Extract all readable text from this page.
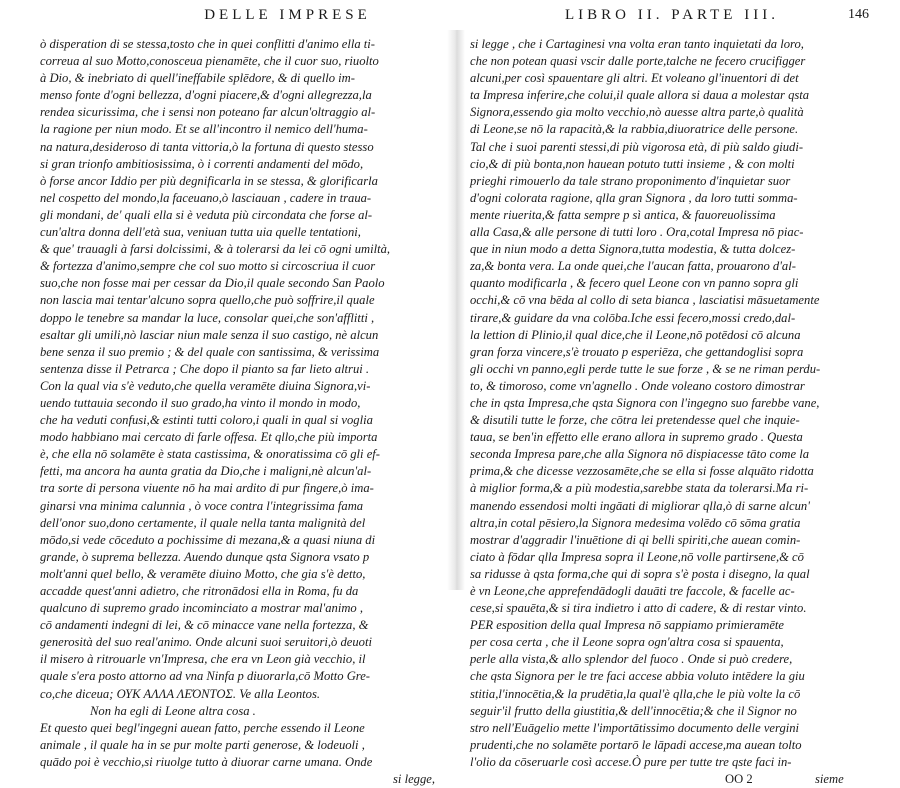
DELLE IMPRESE
ò disperation di se stessa,tosto che in quei conflitti d'animo ella ti-
correua al suo Motto,conosceua pienamēte, che il cuor suo, riuolto
à Dio, & inebriato di quell'ineffabile splēdore, & di quello im-
menso fonte d'ogni bellezza, d'ogni piacere,& d'ogni allegrezza,la
rendea sicurissima, che i sensi non poteano far alcun'oltraggio al-
la ragione per niun modo. Et se all'incontro il nemico dell'huma-
na natura,desideroso di tanta vittoria,ò la fortuna di questo stesso
si gran trionfo ambitiosissima, ò i correnti andamenti del mōdo,
ò forse ancor Iddio per più degnificarla in se stessa, & glorificarla
nel cospetto del mondo,la faceuano,ò lasciauan , cadere in traua-
gli mondani, de' quali ella si è veduta più circondata che forse al-
cun'altra donna dell'età sua, veniuan tutta uia quelle tentationi,
& que' trauagli à farsi dolcissimi, & à tolerarsi da lei cō ogni umiltà,
& fortezza d'animo,sempre che col suo motto si circoscriua il cuor
suo,che non fosse mai per cessar da Dio,il quale secondo San Paolo
non lascia mai tentar'alcuno sopra quello,che può soffrire,il quale
doppo le tenebre sa mandar la luce, consolar quei,che son'afflitti ,
esaltar gli umili,nò lasciar niun male senza il suo castigo, nè alcun
bene senza il suo premio ; & del quale con santissima, & verissima
sentenza disse il Petrarca ; Che dopo il pianto sa far lieto altrui .
Con la qual via s'è veduto,che quella veramēte diuina Signora,vi-
uendo tuttauia secondo il suo grado,ha vinto il mondo in modo,
che ha veduti confusi,& estinti tutti coloro,i quali in qual si voglia
modo habbiano mai cercato di farle offesa. Et qllo,che più importa
è, che ella nō solamēte è stata castissima, & onoratissima cō gli ef-
fetti, ma ancora ha aunta gratia da Dio,che i maligni,nè alcun'al-
tra sorte di persona viuente nō ha mai ardito di pur fingere,ò ima-
ginarsi vna minima calunnia , ò voce contra l'integrissima fama
dell'onor suo,dono certamente, il quale nella tanta malignità del
mōdo,si vede cōceduto a pochissime di mezana,& a quasi niuna di
grande, ò suprema bellezza. Auendo dunque qsta Signora vsato p
molt'anni quel bello, & veramēte diuino Motto, che gia s'è detto,
accadde quest'anni adietro, che ritronādosi ella in Roma, fu da
qualcuno di supremo grado incominciato a mostrar mal'animo ,
cō andamenti indegni di lei, & cō minacce vane nella fortezza, &
generosità del suo real'animo. Onde alcuni suoi seruitori,ò deuoti
il misero à ritrouarle vn'Impresa, che era vn Leon già vecchio, il
quale s'era posto attorno ad vna Ninfa p diuorarla,cō Motto Gre-
co,che diceua; ΟΥΚ ΑΛΛΑ ΛΕΌΝΤΟΣ. Ve alla Leontos.
Non ha egli di Leone altra cosa .
Et questo quei begl'ingegni auean fatto, perche essendo il Leone
animale , il quale ha in se pur molte parti generose, & lodeuoli ,
quādo poi è vecchio,si riuolge tutto à diuorar carne umana. Onde
si legge,
LIBRO II. PARTE III.	146
si legge , che i Cartaginesi vna volta eran tanto inquietati da loro,
che non potean quasi vscir dalle porte,talche ne fecero crucifigger
alcuni,per così spauentare gli altri. Et voleano gl'inuentori di det
ta Impresa inferire,che colui,il quale allora si daua a molestar qsta
Signora,essendo gia molto vecchio,nò auesse altra parte,ò qualità
di Leone,se nō la rapacità,& la rabbia,diuoratrice delle persone.
Tal che i suoi parenti stessi,di più vigorosa età, di più saldo giudi-
cio,& di più bonta,non hauean potuto tutti insieme , & con molti
prieghi rimouerlo da tale strano proponimento d'inquietar suor
d'ogni colorata ragione, qlla gran Signora , da loro tutti somma-
mente riuerita,& fatta sempre p sì antica, & fauoreuolissima
alla Casa,& alle persone di tutti loro . Ora,cotal Impresa nō piac-
que in niun modo a detta Signora,tutta modestia, & tutta dolcez-
za,& bonta vera. La onde quei,che l'aucan fatta, prouarono d'al-
quanto modificarla , & fecero quel Leone con vn panno sopra gli
occhi,& cō vna bēda al collo di seta bianca , lasciatisi māsuetamente
tirare,& guidare da vna colōba.Iche essi fecero,mossi credo,dal-
la lettion di Plinio,il qual dice,che il Leone,nō potēdosi cō alcuna
gran forza vincere,s'è trouato p esperiēza, che gettandoglisi sopra
gli occhi vn panno,egli perde tutte le sue forze , & se ne riman perdu-
to, & timoroso, come vn'agnello . Onde voleano costoro dimostrar
che in qsta Impresa,che qsta Signora con l'ingegno suo farebbe vane,
& disutili tutte le forze, che cōtra lei pretendesse quel che inquie-
taua, se ben'in effetto elle erano allora in supremo grado . Questa
seconda Impresa pare,che alla Signora nō dispiacesse tāto come la
prima,& che dicesse vezzosamēte,che se ella si fosse alquāto ridotta
à miglior forma,& a più modestia,sarebbe stata da tolerarsi.Ma ri-
manendo essendosi molti ingāati di migliorar qlla,ò di sarne alcun'
altra,in cotal pēsiero,la Signora medesima volēdo cō sōma gratia
mostrar d'aggradir l'inuētione di qi belli spiriti,che auean comin-
ciato à fōdar qlla Impresa sopra il Leone,nō volle partirsene,& cō
sa ridusse à qsta forma,che qui di sopra s'è posta i disegno, la qual
è vn Leone,che apprefendādogli dauāti tre faccole, & facelle ac-
cese,si spauēta,& si tira indietro i atto di cadere, & di restar vinto.
PER esposition della qual Impresa nō sappiamo primieramēte
per cosa certa , che il Leone sopra ogn'altra cosa si spauenta,
perle alla vista,& allo splendor del fuoco . Onde si può credere,
che qsta Signora per le tre faci accese abbia voluto intēdere la giu
stitia,l'innocētia,& la prudētia,la qual'è qlla,che le più volte la cō
seguir'il frutto della giustitia,& dell'innocētia;& che il Signor no
stro nell'Euāgelio mette l'importātissimo documento delle vergini
prudenti,che no solamēte portarō le lāpadi accese,ma auean tolto
l'olio da cōseruarle così accese.Ò pure per tutte tre qste faci in-
OO 2	sieme
